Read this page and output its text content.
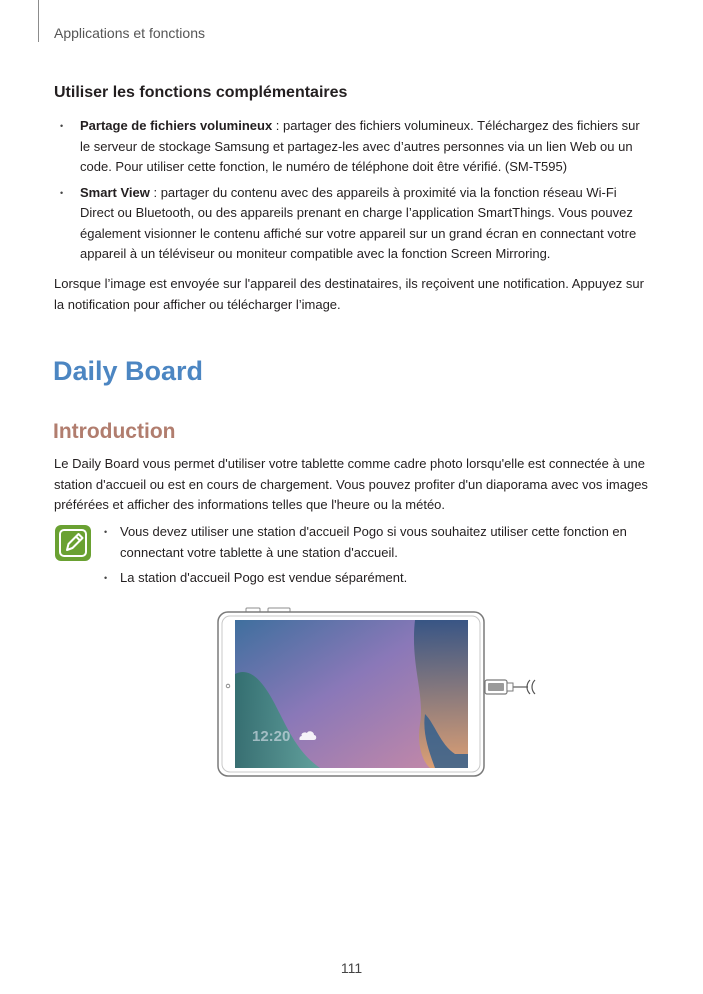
Applications et fonctions
Utiliser les fonctions complémentaires
• Partage de fichiers volumineux : partager des fichiers volumineux. Téléchargez des fichiers sur le serveur de stockage Samsung et partagez-les avec d’autres personnes via un lien Web ou un code. Pour utiliser cette fonction, le numéro de téléphone doit être vérifié. (SM-T595)
• Smart View : partager du contenu avec des appareils à proximité via la fonction réseau Wi-Fi Direct ou Bluetooth, ou des appareils prenant en charge l’application SmartThings. Vous pouvez également visionner le contenu affiché sur votre appareil sur un grand écran en connectant votre appareil à un téléviseur ou moniteur compatible avec la fonction Screen Mirroring.

Lorsque l’image est envoyée sur l'appareil des destinataires, ils reçoivent une notification. Appuyez sur la notification pour afficher ou télécharger l’image.

Daily Board
Introduction

Le Daily Board vous permet d'utiliser votre tablette comme cadre photo lorsqu'elle est connectée à une station d'accueil ou est en cours de chargement. Vous pouvez profiter d'un diaporama avec vos images préférées et afficher des informations telles que l'heure ou la météo.

• Vous devez utiliser une station d'accueil Pogo si vous souhaitez utiliser cette fonction en connectant votre tablette à une station d'accueil.
• La station d'accueil Pogo est vendue séparément.
12:20
111
